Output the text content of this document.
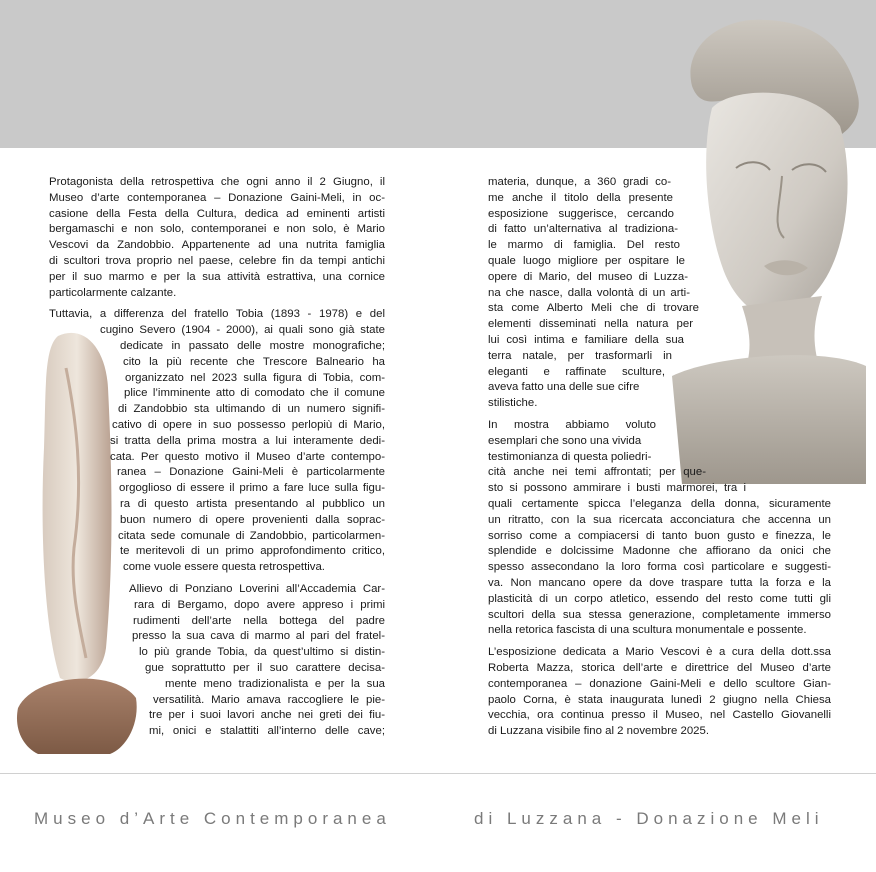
Protagonista della retrospettiva che ogni anno il 2 Giugno, il
Museo d’arte contemporanea – Donazione Gaini-Meli, in oc-
casione della Festa della Cultura, dedica ad eminenti artisti
bergamaschi e non solo, contemporanei e non solo, è Mario
Vescovi da Zandobbio. Appartenente ad una nutrita famiglia
di scultori trova proprio nel paese, celebre fin da tempi antichi
per il suo marmo e per la sua attività estrattiva, una cornice
particolarmente calzante.

Tuttavia, a differenza del fratello Tobia (1893 - 1978) e del
cugino Severo (1904 - 2000), ai quali sono già state
dedicate in passato delle mostre monografiche;
cito la più recente che Trescore Balneario ha
organizzato nel 2023 sulla figura di Tobia, com-
plice l’imminente atto di comodato che il comune
di Zandobbio sta ultimando di un numero signifi-
cativo di opere in suo possesso perlopiù di Mario,
si tratta della prima mostra a lui interamente dedi-
cata. Per questo motivo il Museo d’arte contempo-
ranea – Donazione Gaini-Meli è particolarmente
orgoglioso di essere il primo a fare luce sulla figu-
ra di questo artista presentando al pubblico un
buon numero di opere provenienti dalla soprac-
citata sede comunale di Zandobbio, particolarmen-
te meritevoli di un primo approfondimento critico,
come vuole essere questa retrospettiva.

Allievo di Ponziano Loverini all’Accademia Car-
rara di Bergamo, dopo avere appreso i primi
rudimenti dell’arte nella bottega del padre
presso la sua cava di marmo al pari del fratel-
lo più grande Tobia, da quest’ultimo si distin-
gue soprattutto per il suo carattere decisa-
mente meno tradizionalista e per la sua
versatilità. Mario amava raccogliere le pie-
tre per i suoi lavori anche nei greti dei fiu-
mi, onici e stalattiti all’interno delle cave;

materia, dunque, a 360 gradi co-
me anche il titolo della presente
esposizione suggerisce, cercando
di fatto un’alternativa al tradiziona-
le marmo di famiglia. Del resto
quale luogo migliore per ospitare le
opere di Mario, del museo di Luzza-
na che nasce, dalla volontà di un arti-
sta come Alberto Meli che di trovare
elementi disseminati nella natura per
lui così intima e familiare della sua
terra natale, per trasformarli in
eleganti e raffinate sculture,
aveva fatto una delle sue cifre
stilistiche.

In mostra abbiamo voluto
esemplari che sono una vivida
testimonianza di questa poliedri-
cità anche nei temi affrontati; per que-
sto si possono ammirare i busti marmorei, tra i
quali certamente spicca l’eleganza della donna, sicuramente
un ritratto, con la sua ricercata acconciatura che accenna un
sorriso come a compiacersi di tanto buon gusto e finezza, le
splendide e dolcissime Madonne che affiorano da onici che
spesso assecondano la loro forma così particolare e suggesti-
va. Non mancano opere da dove traspare tutta la forza e la
plasticità di un corpo atletico, essendo del resto come tutti gli
scultori della sua stessa generazione, completamente immerso
nella retorica fascista di una scultura monumentale e possente.

L’esposizione dedicata a Mario Vescovi è a cura della dott.ssa
Roberta Mazza, storica dell’arte e direttrice del Museo d’arte
contemporanea – donazione Gaini-Meli e dello scultore Gian-
paolo Corna, è stata inaugurata lunedì 2 giugno nella Chiesa
vecchia, ora continua presso il Museo, nel Castello Giovanelli
di Luzzana visibile fino al 2 novembre 2025.

Museo d’Arte Contemporanea	di Luzzana - Donazione Meli
